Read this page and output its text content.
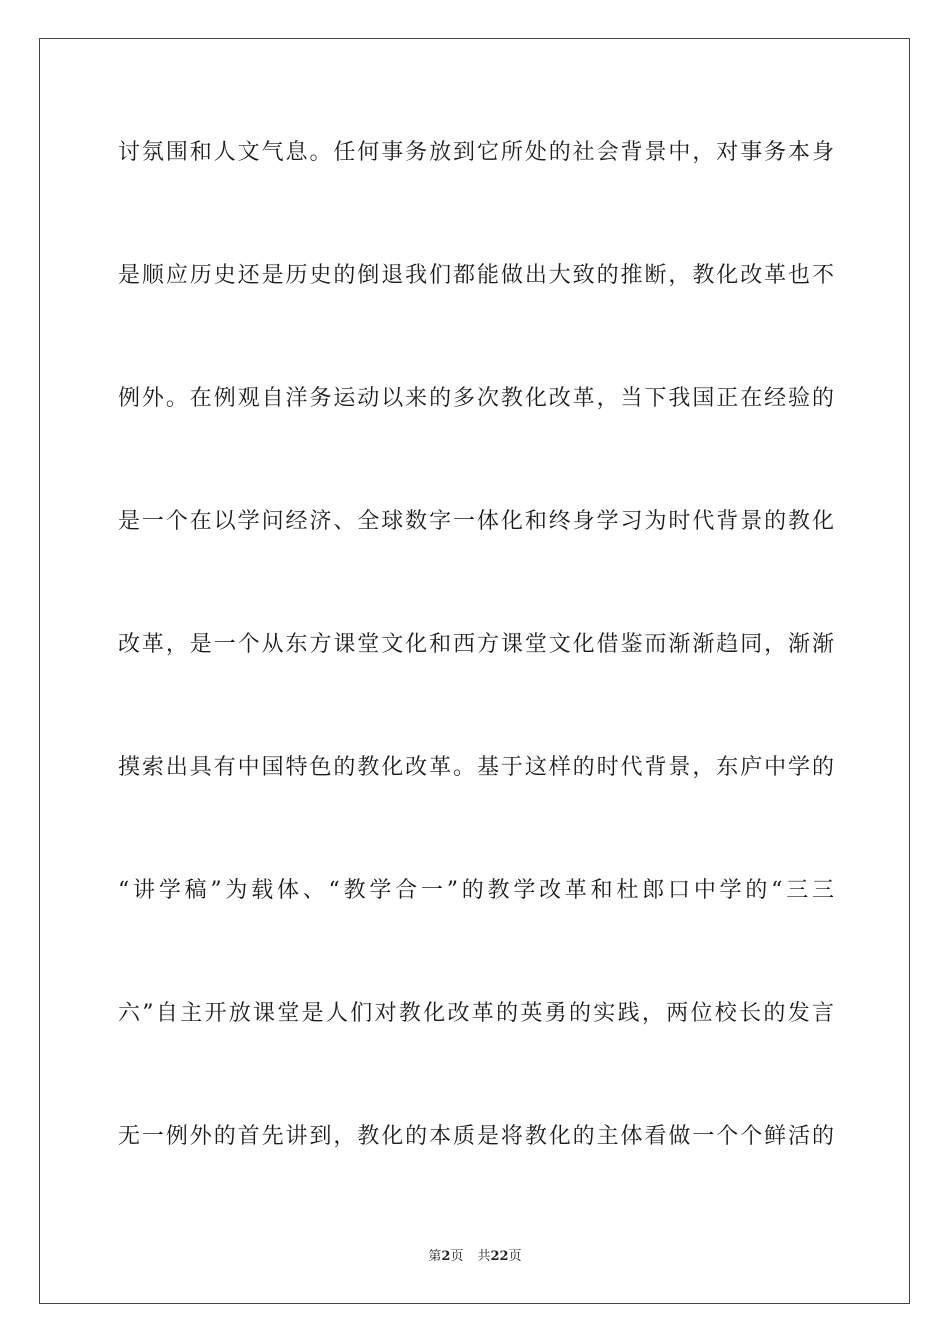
讨氛围和人文气息。任何事务放到它所处的社会背景中，对事务本身
是顺应历史还是历史的倒退我们都能做出大致的推断，教化改革也不
例外。在例观自洋务运动以来的多次教化改革，当下我国正在经验的
是一个在以学问经济、全球数字一体化和终身学习为时代背景的教化
改革，是一个从东方课堂文化和西方课堂文化借鉴而渐渐趋同，渐渐
摸索出具有中国特色的教化改革。基于这样的时代背景，东庐中学的
“讲学稿”为载体、“教学合一”的教学改革和杜郎口中学的“三三
六”自主开放课堂是人们对教化改革的英勇的实践，两位校长的发言
无一例外的首先讲到，教化的本质是将教化的主体看做一个个鲜活的
第2页 共22页
